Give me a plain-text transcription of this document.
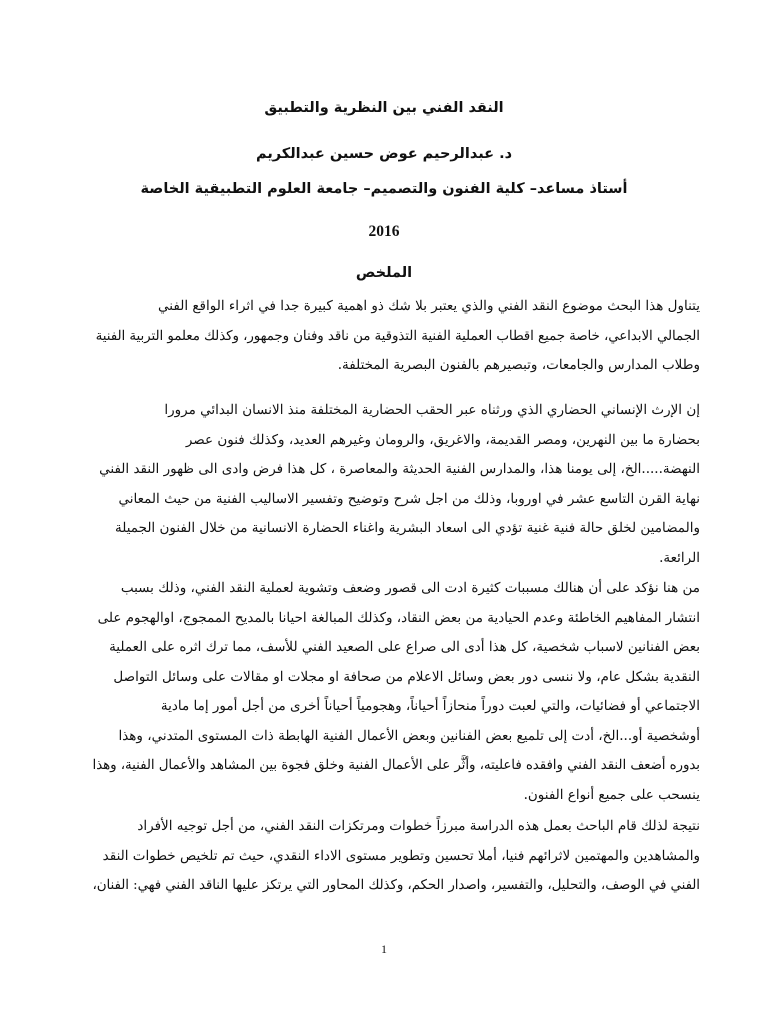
النقد الفني بين النظرية والتطبيق
د. عبدالرحيم عوض حسين عبدالكريم
أستاذ مساعد– كلية الفنون والتصميم– جامعة العلوم التطبيقية الخاصة
2016
الملخص
يتناول هذا البحث موضوع النقد الفني والذي يعتبر بلا شك ذو اهمية كبيرة جدا في اثراء الواقع الفني
الجمالي الابداعي، خاصة جميع اقطاب العملية الفنية التذوقية من ناقد وفنان وجمهور، وكذلك معلمو التربية الفنية
وطلاب المدارس والجامعات، وتبصيرهم بالفنون البصرية المختلفة.
إن الإرث الإنساني الحضاري الذي ورثناه عبر الحقب الحضارية المختلفة منذ الانسان البدائي مرورا
بحضارة ما بين النهرين، ومصر القديمة، والاغريق، والرومان وغيرهم العديد، وكذلك فنون عصر
النهضة.....الخ، إلى يومنا هذا، والمدارس الفنية الحديثة والمعاصرة ، كل هذا فرض وادى الى ظهور النقد الفني
نهاية القرن التاسع عشر في اوروبا، وذلك من اجل شرح وتوضيح وتفسير الاساليب الفنية من حيث المعاني
والمضامين لخلق حالة فنية غنية تؤدي الى اسعاد البشرية واغناء الحضارة الانسانية من خلال الفنون الجميلة
الرائعة.
من هنا نؤكد على أن هنالك مسببات كثيرة ادت الى قصور وضعف وتشوية لعملية النقد الفني، وذلك بسبب
انتشار المفاهيم الخاطئة وعدم الحيادية من بعض النقاد، وكذلك المبالغة احيانا بالمديح الممجوج، اوالهجوم على
بعض الفنانين لاسباب شخصية، كل هذا أدى الى صراع على الصعيد الفني للأسف، مما ترك اثره على العملية
النقدية بشكل عام، ولا ننسى دور بعض وسائل الاعلام من صحافة او مجلات او مقالات على وسائل التواصل
الاجتماعي أو فضائيات، والتي لعبت دوراً منحازاً أحياناً، وهجومياً أحياناً أخرى من أجل أمور إما مادية
أوشخصية أو...الخ، أدت إلى تلميع بعض الفنانين وبعض الأعمال الفنية الهابطة ذات المستوى المتدني، وهذا
بدوره أضعف النقد الفني وافقده فاعليته، وأثَّر على الأعمال الفنية وخلق فجوة بين المشاهد والأعمال الفنية، وهذا
ينسحب على جميع أنواع الفنون.
نتيجة لذلك قام الباحث بعمل هذه الدراسة مبرزاً خطوات ومرتكزات النقد الفني، من أجل توجيه الأفراد
والمشاهدين والمهتمين لاثرائهم فنيا، أملا تحسين وتطوير مستوى الاداء النقدي، حيث تم تلخيص خطوات النقد
الفني في الوصف، والتحليل، والتفسير، واصدار الحكم، وكذلك المحاور التي يرتكز عليها الناقد الفني فهي: الفنان،
1
